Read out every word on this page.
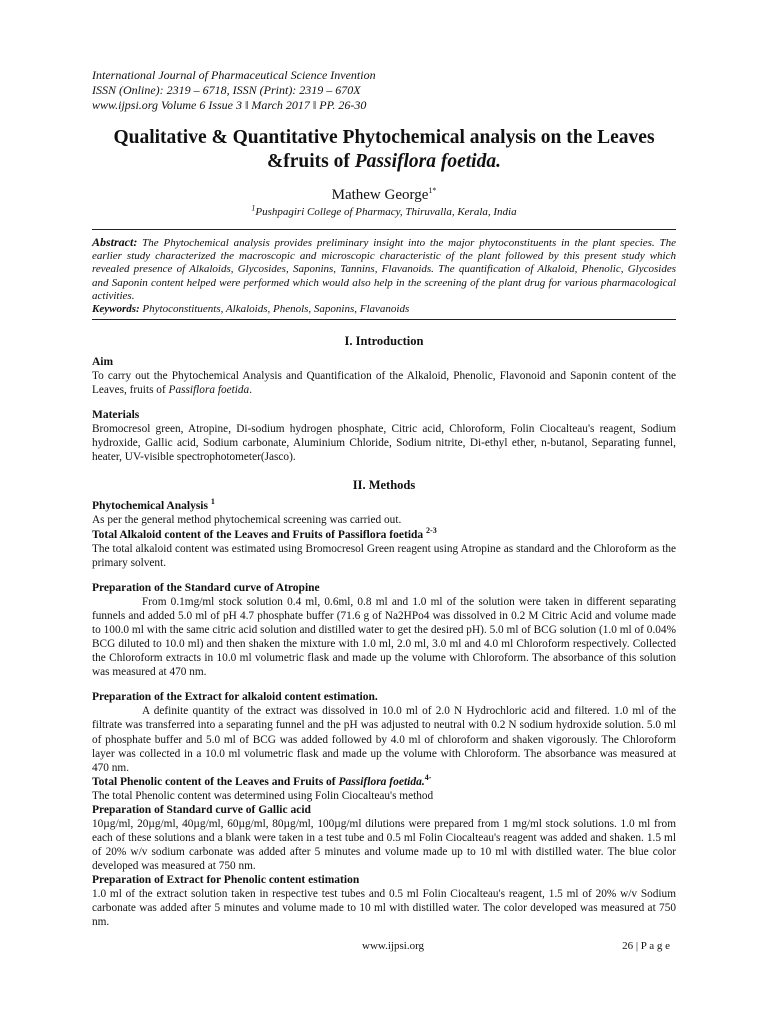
International Journal of Pharmaceutical Science Invention
ISSN (Online): 2319 – 6718, ISSN (Print): 2319 – 670X
www.ijpsi.org Volume 6 Issue 3 ǁ March 2017 ǁ PP. 26-30
Qualitative & Quantitative Phytochemical analysis on the Leaves &fruits of Passiflora foetida.
Mathew George$^{1*}$
$^1$Pushpagiri College of Pharmacy, Thiruvalla, Kerala, India
Abstract: The Phytochemical analysis provides preliminary insight into the major phytoconstituents in the plant species. The earlier study characterized the macroscopic and microscopic characteristic of the plant followed by this present study which revealed presence of Alkaloids, Glycosides, Saponins, Tannins, Flavanoids. The quantification of Alkaloid, Phenolic, Glycosides and Saponin content helped were performed which would also help in the screening of the plant drug for various pharmacological activities.
Keywords: Phytoconstituents, Alkaloids, Phenols, Saponins, Flavanoids
I. Introduction
Aim
To carry out the Phytochemical Analysis and Quantification of the Alkaloid, Phenolic, Flavonoid and Saponin content of the Leaves, fruits of Passiflora foetida.
Materials
Bromocresol green, Atropine, Di-sodium hydrogen phosphate, Citric acid, Chloroform, Folin Ciocalteau's reagent, Sodium hydroxide, Gallic acid, Sodium carbonate, Aluminium Chloride, Sodium nitrite, Di-ethyl ether, n-butanol, Separating funnel, heater, UV-visible spectrophotometer(Jasco).
II. Methods
Phytochemical Analysis $^1$
As per the general method phytochemical screening was carried out.
Total Alkaloid content of the Leaves and Fruits of Passiflora foetida $^{2-3}$
The total alkaloid content was estimated using Bromocresol Green reagent using Atropine as standard and the Chloroform as the primary solvent.
Preparation of the Standard curve of Atropine
From 0.1mg/ml stock solution 0.4 ml, 0.6ml, 0.8 ml and 1.0 ml of the solution were taken in different separating funnels and added 5.0 ml of pH 4.7 phosphate buffer (71.6 g of Na2HPo4 was dissolved in 0.2 M Citric Acid and volume made to 100.0 ml with the same citric acid solution and distilled water to get the desired pH). 5.0 ml of BCG solution (1.0 ml of 0.04% BCG diluted to 10.0 ml) and then shaken the mixture with 1.0 ml, 2.0 ml, 3.0 ml and 4.0 ml Chloroform respectively. Collected the Chloroform extracts in 10.0 ml volumetric flask and made up the volume with Chloroform. The absorbance of this solution was measured at 470 nm.
Preparation of the Extract for alkaloid content estimation.
A definite quantity of the extract was dissolved in 10.0 ml of 2.0 N Hydrochloric acid and filtered. 1.0 ml of the filtrate was transferred into a separating funnel and the pH was adjusted to neutral with 0.2 N sodium hydroxide solution. 5.0 ml of phosphate buffer and 5.0 ml of BCG was added followed by 4.0 ml of chloroform and shaken vigorously. The Chloroform layer was collected in a 10.0 ml volumetric flask and made up the volume with Chloroform. The absorbance was measured at 470 nm.
Total Phenolic content of the Leaves and Fruits of Passiflora foetida.$^{4-}$
The total Phenolic content was determined using Folin Ciocalteau's method
Preparation of Standard curve of Gallic acid
10µg/ml, 20µg/ml, 40µg/ml, 60µg/ml, 80µg/ml, 100µg/ml dilutions were prepared from 1 mg/ml stock solutions. 1.0 ml from each of these solutions and a blank were taken in a test tube and 0.5 ml Folin Ciocalteau's reagent was added and shaken. 1.5 ml of 20% w/v sodium carbonate was added after 5 minutes and volume made up to 10 ml with distilled water. The blue color developed was measured at 750 nm.
Preparation of Extract for Phenolic content estimation
1.0 ml of the extract solution taken in respective test tubes and 0.5 ml Folin Ciocalteau's reagent, 1.5 ml of 20% w/v Sodium carbonate was added after 5 minutes and volume made to 10 ml with distilled water. The color developed was measured at 750 nm.
www.ijpsi.org	26 | P a g e
